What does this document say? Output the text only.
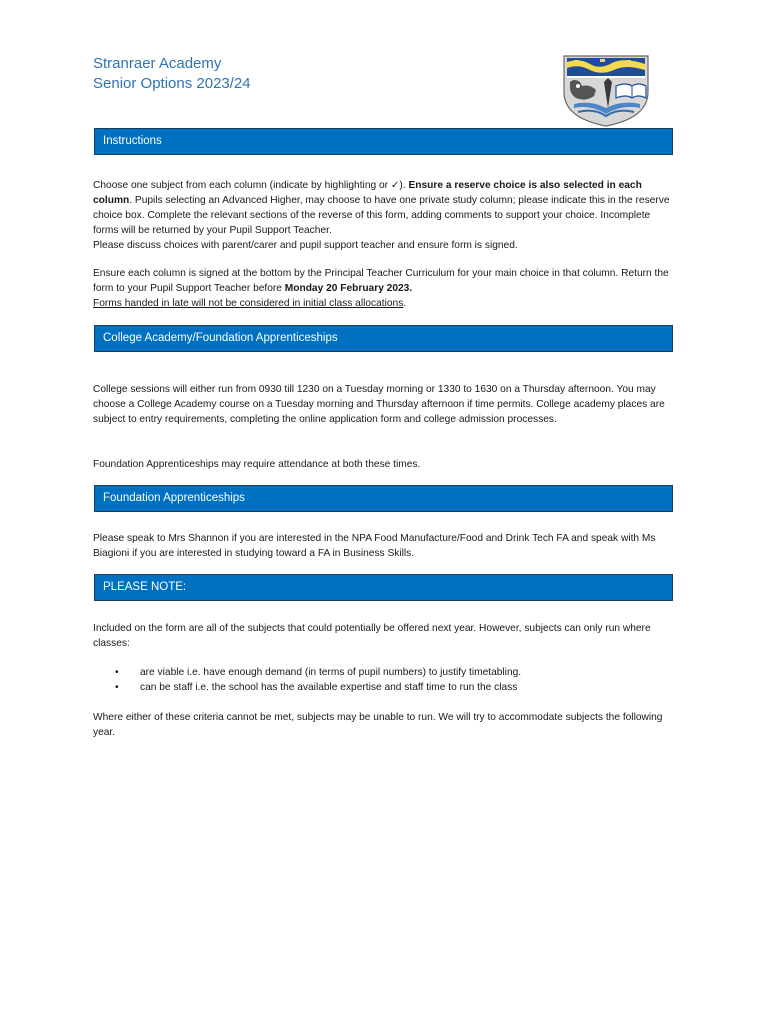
Stranraer Academy
Senior Options 2023/24
Instructions
Choose one subject from each column (indicate by highlighting or ✓). Ensure a reserve choice is also selected in each column. Pupils selecting an Advanced Higher, may choose to have one private study column; please indicate this in the reserve choice box. Complete the relevant sections of the reverse of this form, adding comments to support your choice. Incomplete forms will be returned by your Pupil Support Teacher.
Please discuss choices with parent/carer and pupil support teacher and ensure form is signed.
Ensure each column is signed at the bottom by the Principal Teacher Curriculum for your main choice in that column. Return the form to your Pupil Support Teacher before Monday 20 February 2023.
Forms handed in late will not be considered in initial class allocations.
College Academy/Foundation Apprenticeships
College sessions will either run from 0930 till 1230 on a Tuesday morning or 1330 to 1630 on a Thursday afternoon. You may choose a College Academy course on a Tuesday morning and Thursday afternoon if time permits. College academy places are subject to entry requirements, completing the online application form and college admission processes.
Foundation Apprenticeships may require attendance at both these times.
Foundation Apprenticeships
Please speak to Mrs Shannon if you are interested in the NPA Food Manufacture/Food and Drink Tech FA and speak with Ms Biagioni if you are interested in studying toward a FA in Business Skills.
PLEASE NOTE:
Included on the form are all of the subjects that could potentially be offered next year. However, subjects can only run where classes:
• are viable i.e. have enough demand (in terms of pupil numbers) to justify timetabling.
• can be staff i.e. the school has the available expertise and staff time to run the class
Where either of these criteria cannot be met, subjects may be unable to run. We will try to accommodate subjects the following year.
